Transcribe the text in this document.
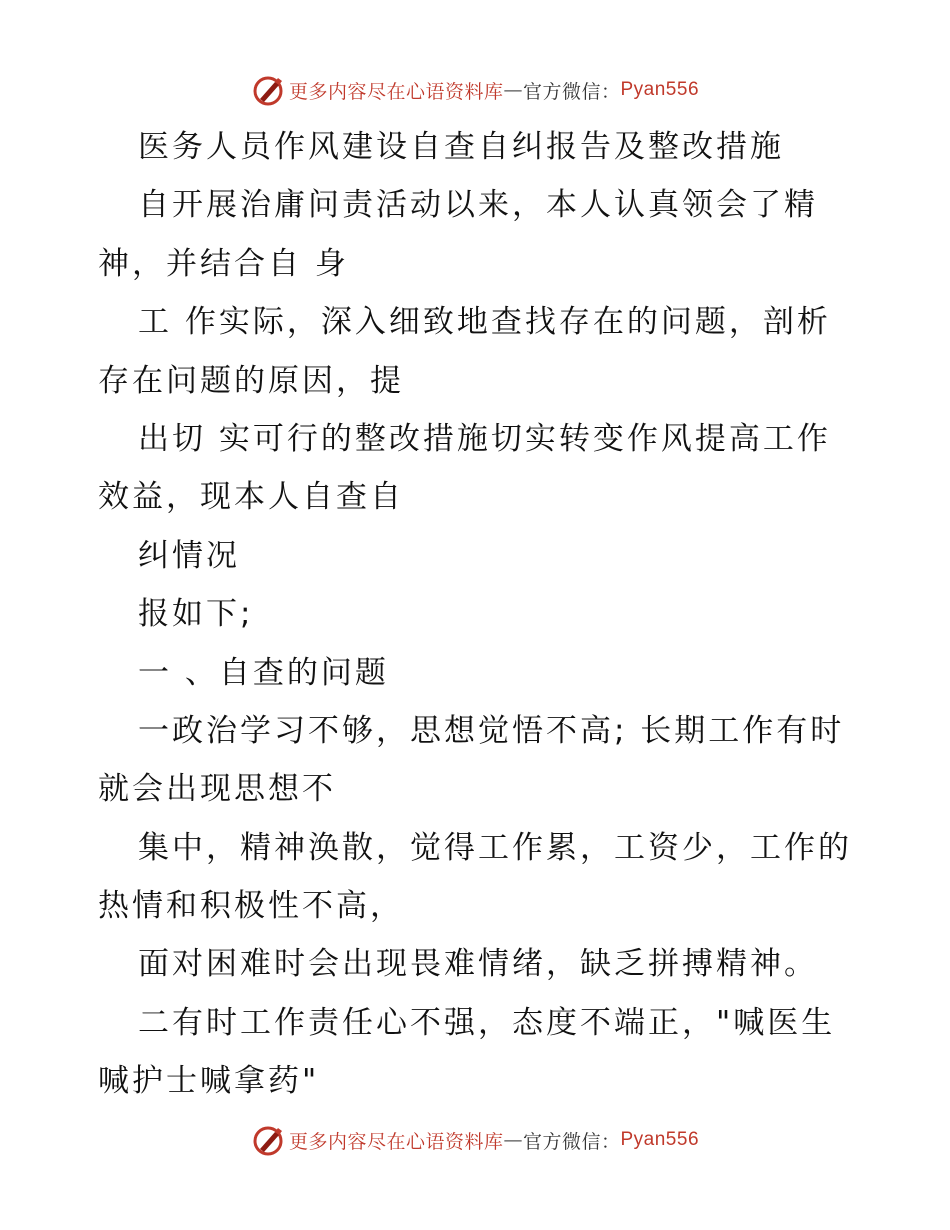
更多内容尽在心语资料库 — 官方微信： Pyan556
医务人员作风建设自查自纠报告及整改措施
自开展治庸问责活动以来，本人认真领会了精
神，并结合自 身
工 作实际，深入细致地查找存在的问题，剖析
存在问题的原因，提
出切 实可行的整改措施切实转变作风提高工作
效益，现本人自查自
纠情况
报如下;
一 、自查的问题
一政治学习不够，思想觉悟不高; 长期工作有时
就会出现思想不
集中，精神涣散，觉得工作累，工资少，工作的
热情和积极性不高，
面对困难时会出现畏难情绪，缺乏拼搏精神。
二有时工作责任心不强，态度不端正，"喊医生
喊护士喊拿药"
更多内容尽在心语资料库 — 官方微信： Pyan556
